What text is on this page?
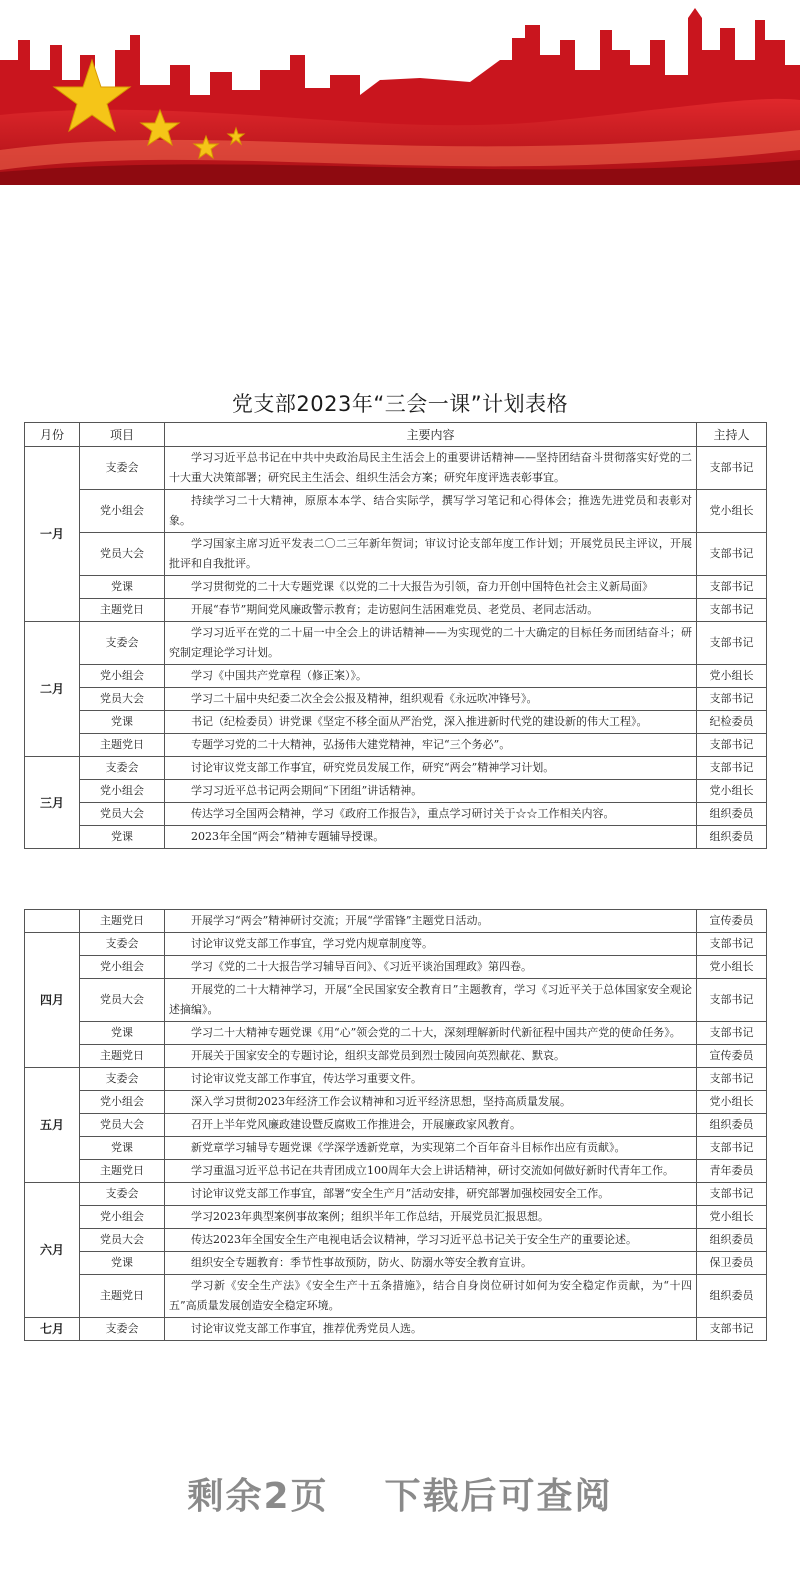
党支部2023年“三会一课”计划表格
月份	项目	主要内容	主持人
一月	支委会	学习习近平总书记在中共中央政治局民主生活会上的重要讲话精神——坚持团结奋斗贯彻落实好党的二十大重大决策部署；研究民主生活会、组织生活会方案；研究年度评选表彰事宜。	支部书记
	党小组会	持续学习二十大精神，原原本本学、结合实际学，撰写学习笔记和心得体会；推选先进党员和表彰对象。	党小组长
	党员大会	学习国家主席习近平发表二〇二三年新年贺词；审议讨论支部年度工作计划；开展党员民主评议，开展批评和自我批评。	支部书记
	党课	学习贯彻党的二十大专题党课《以党的二十大报告为引领，奋力开创中国特色社会主义新局面》	支部书记
	主题党日	开展“春节”期间党风廉政警示教育；走访慰问生活困难党员、老党员、老同志活动。	支部书记
二月	支委会	学习习近平在党的二十届一中全会上的讲话精神——为实现党的二十大确定的目标任务而团结奋斗；研究制定理论学习计划。	支部书记
	党小组会	学习《中国共产党章程（修正案）》。	党小组长
	党员大会	学习二十届中央纪委二次全会公报及精神，组织观看《永远吹冲锋号》。	支部书记
	党课	书记（纪检委员）讲党课《坚定不移全面从严治党，深入推进新时代党的建设新的伟大工程》。	纪检委员
	主题党日	专题学习党的二十大精神，弘扬伟大建党精神，牢记“三个务必”。	支部书记
三月	支委会	讨论审议党支部工作事宜，研究党员发展工作，研究“两会”精神学习计划。	支部书记
	党小组会	学习习近平总书记两会期间“下团组”讲话精神。	党小组长
	党员大会	传达学习全国两会精神，学习《政府工作报告》，重点学习研讨关于☆☆工作相关内容。	组织委员
	党课	2023年全国“两会”精神专题辅导授课。	组织委员
	主题党日	开展学习“两会”精神研讨交流；开展“学雷锋”主题党日活动。	宣传委员
四月	支委会	讨论审议党支部工作事宜，学习党内规章制度等。	支部书记
	党小组会	学习《党的二十大报告学习辅导百问》、《习近平谈治国理政》第四卷。	党小组长
	党员大会	开展党的二十大精神学习，开展“全民国家安全教育日”主题教育，学习《习近平关于总体国家安全观论述摘编》。	支部书记
	党课	学习二十大精神专题党课《用“心”领会党的二十大，深刻理解新时代新征程中国共产党的使命任务》。	支部书记
	主题党日	开展关于国家安全的专题讨论，组织支部党员到烈士陵园向英烈献花、默哀。	宣传委员
五月	支委会	讨论审议党支部工作事宜，传达学习重要文件。	支部书记
	党小组会	深入学习贯彻2023年经济工作会议精神和习近平经济思想，坚持高质量发展。	党小组长
	党员大会	召开上半年党风廉政建设暨反腐败工作推进会，开展廉政家风教育。	组织委员
	党课	新党章学习辅导专题党课《学深学透新党章，为实现第二个百年奋斗目标作出应有贡献》。	支部书记
	主题党日	学习重温习近平总书记在共青团成立100周年大会上讲话精神，研讨交流如何做好新时代青年工作。	青年委员
六月	支委会	讨论审议党支部工作事宜，部署“安全生产月”活动安排，研究部署加强校园安全工作。	支部书记
	党小组会	学习2023年典型案例事故案例；组织半年工作总结，开展党员汇报思想。	党小组长
	党员大会	传达2023年全国安全生产电视电话会议精神，学习习近平总书记关于安全生产的重要论述。	组织委员
	党课	组织安全专题教育：季节性事故预防，防火、防溺水等安全教育宣讲。	保卫委员
	主题党日	学习新《安全生产法》《安全生产十五条措施》，结合自身岗位研讨如何为安全稳定作贡献，为“十四五”高质量发展创造安全稳定环境。	组织委员
七月	支委会	讨论审议党支部工作事宜，推荐优秀党员人选。	支部书记
剩余2页 下载后可查阅
